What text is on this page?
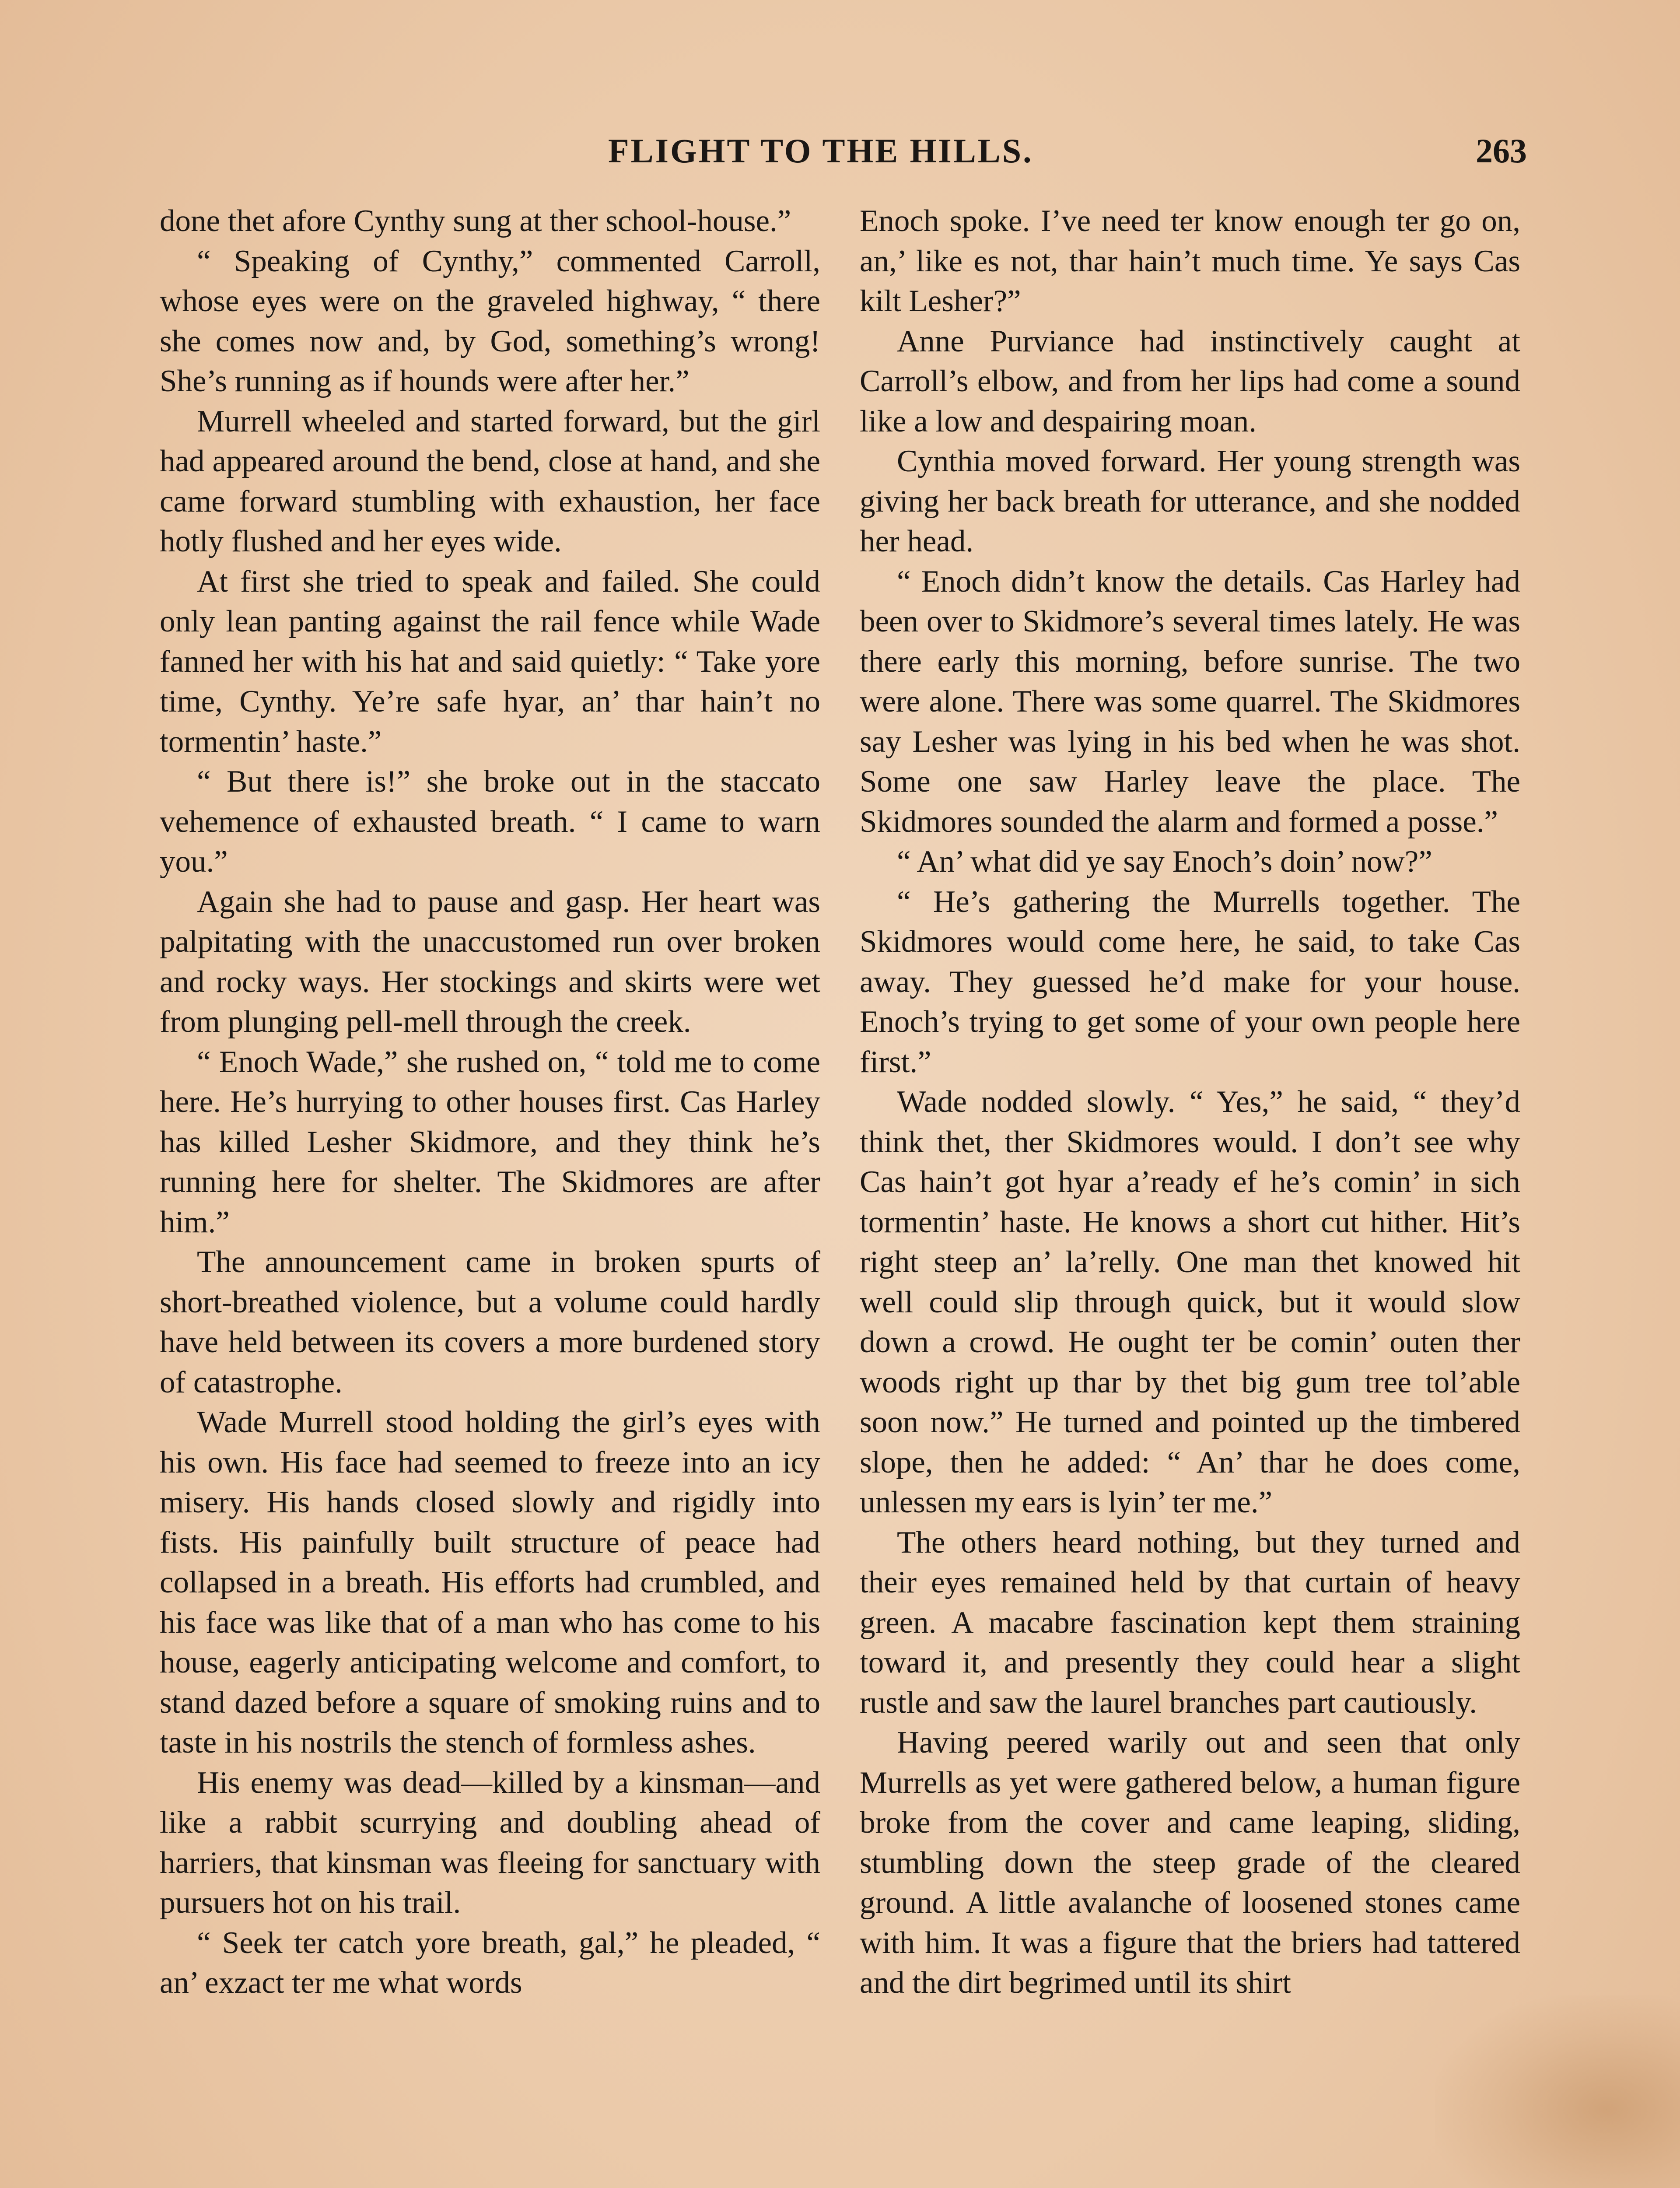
FLIGHT TO THE HILLS.	263

done thet afore Cynthy sung at ther school-house.”

“ Speaking of Cynthy,” commented Carroll, whose eyes were on the graveled highway, “ there she comes now and, by God, something’s wrong! She’s running as if hounds were after her.”

Murrell wheeled and started forward, but the girl had appeared around the bend, close at hand, and she came forward stumbling with exhaustion, her face hotly flushed and her eyes wide.

At first she tried to speak and failed. She could only lean panting against the rail fence while Wade fanned her with his hat and said quietly: “ Take yore time, Cynthy. Ye’re safe hyar, an’ thar hain’t no tormentin’ haste.”

“ But there is!” she broke out in the staccato vehemence of exhausted breath. “ I came to warn you.”

Again she had to pause and gasp. Her heart was palpitating with the unaccustomed run over broken and rocky ways. Her stockings and skirts were wet from plunging pell-mell through the creek.

“ Enoch Wade,” she rushed on, “ told me to come here. He’s hurrying to other houses first. Cas Harley has killed Lesher Skidmore, and they think he’s running here for shelter. The Skidmores are after him.”

The announcement came in broken spurts of short-breathed violence, but a volume could hardly have held between its covers a more burdened story of catastrophe.

Wade Murrell stood holding the girl’s eyes with his own. His face had seemed to freeze into an icy misery. His hands closed slowly and rigidly into fists. His painfully built structure of peace had collapsed in a breath. His efforts had crumbled, and his face was like that of a man who has come to his house, eagerly anticipating welcome and comfort, to stand dazed before a square of smoking ruins and to taste in his nostrils the stench of formless ashes.

His enemy was dead—killed by a kinsman—and like a rabbit scurrying and doubling ahead of harriers, that kinsman was fleeing for sanctuary with pursuers hot on his trail.

“ Seek ter catch yore breath, gal,” he pleaded, “ an’ exzact ter me what words

Enoch spoke. I’ve need ter know enough ter go on, an,’ like es not, thar hain’t much time. Ye says Cas kilt Lesher?”

Anne Purviance had instinctively caught at Carroll’s elbow, and from her lips had come a sound like a low and despairing moan.

Cynthia moved forward. Her young strength was giving her back breath for utterance, and she nodded her head.

“ Enoch didn’t know the details. Cas Harley had been over to Skidmore’s several times lately. He was there early this morning, before sunrise. The two were alone. There was some quarrel. The Skidmores say Lesher was lying in his bed when he was shot. Some one saw Harley leave the place. The Skidmores sounded the alarm and formed a posse.”

“ An’ what did ye say Enoch’s doin’ now?”

“ He’s gathering the Murrells together. The Skidmores would come here, he said, to take Cas away. They guessed he’d make for your house. Enoch’s trying to get some of your own people here first.”

Wade nodded slowly. “ Yes,” he said, “ they’d think thet, ther Skidmores would. I don’t see why Cas hain’t got hyar a’ready ef he’s comin’ in sich tormentin’ haste. He knows a short cut hither. Hit’s right steep an’ la’relly. One man thet knowed hit well could slip through quick, but it would slow down a crowd. He ought ter be comin’ outen ther woods right up thar by thet big gum tree tol’able soon now.” He turned and pointed up the timbered slope, then he added: “ An’ thar he does come, unlessen my ears is lyin’ ter me.”

The others heard nothing, but they turned and their eyes remained held by that curtain of heavy green. A macabre fascination kept them straining toward it, and presently they could hear a slight rustle and saw the laurel branches part cautiously.

Having peered warily out and seen that only Murrells as yet were gathered below, a human figure broke from the cover and came leaping, sliding, stumbling down the steep grade of the cleared ground. A little avalanche of loosened stones came with him. It was a figure that the briers had tattered and the dirt begrimed until its shirt
